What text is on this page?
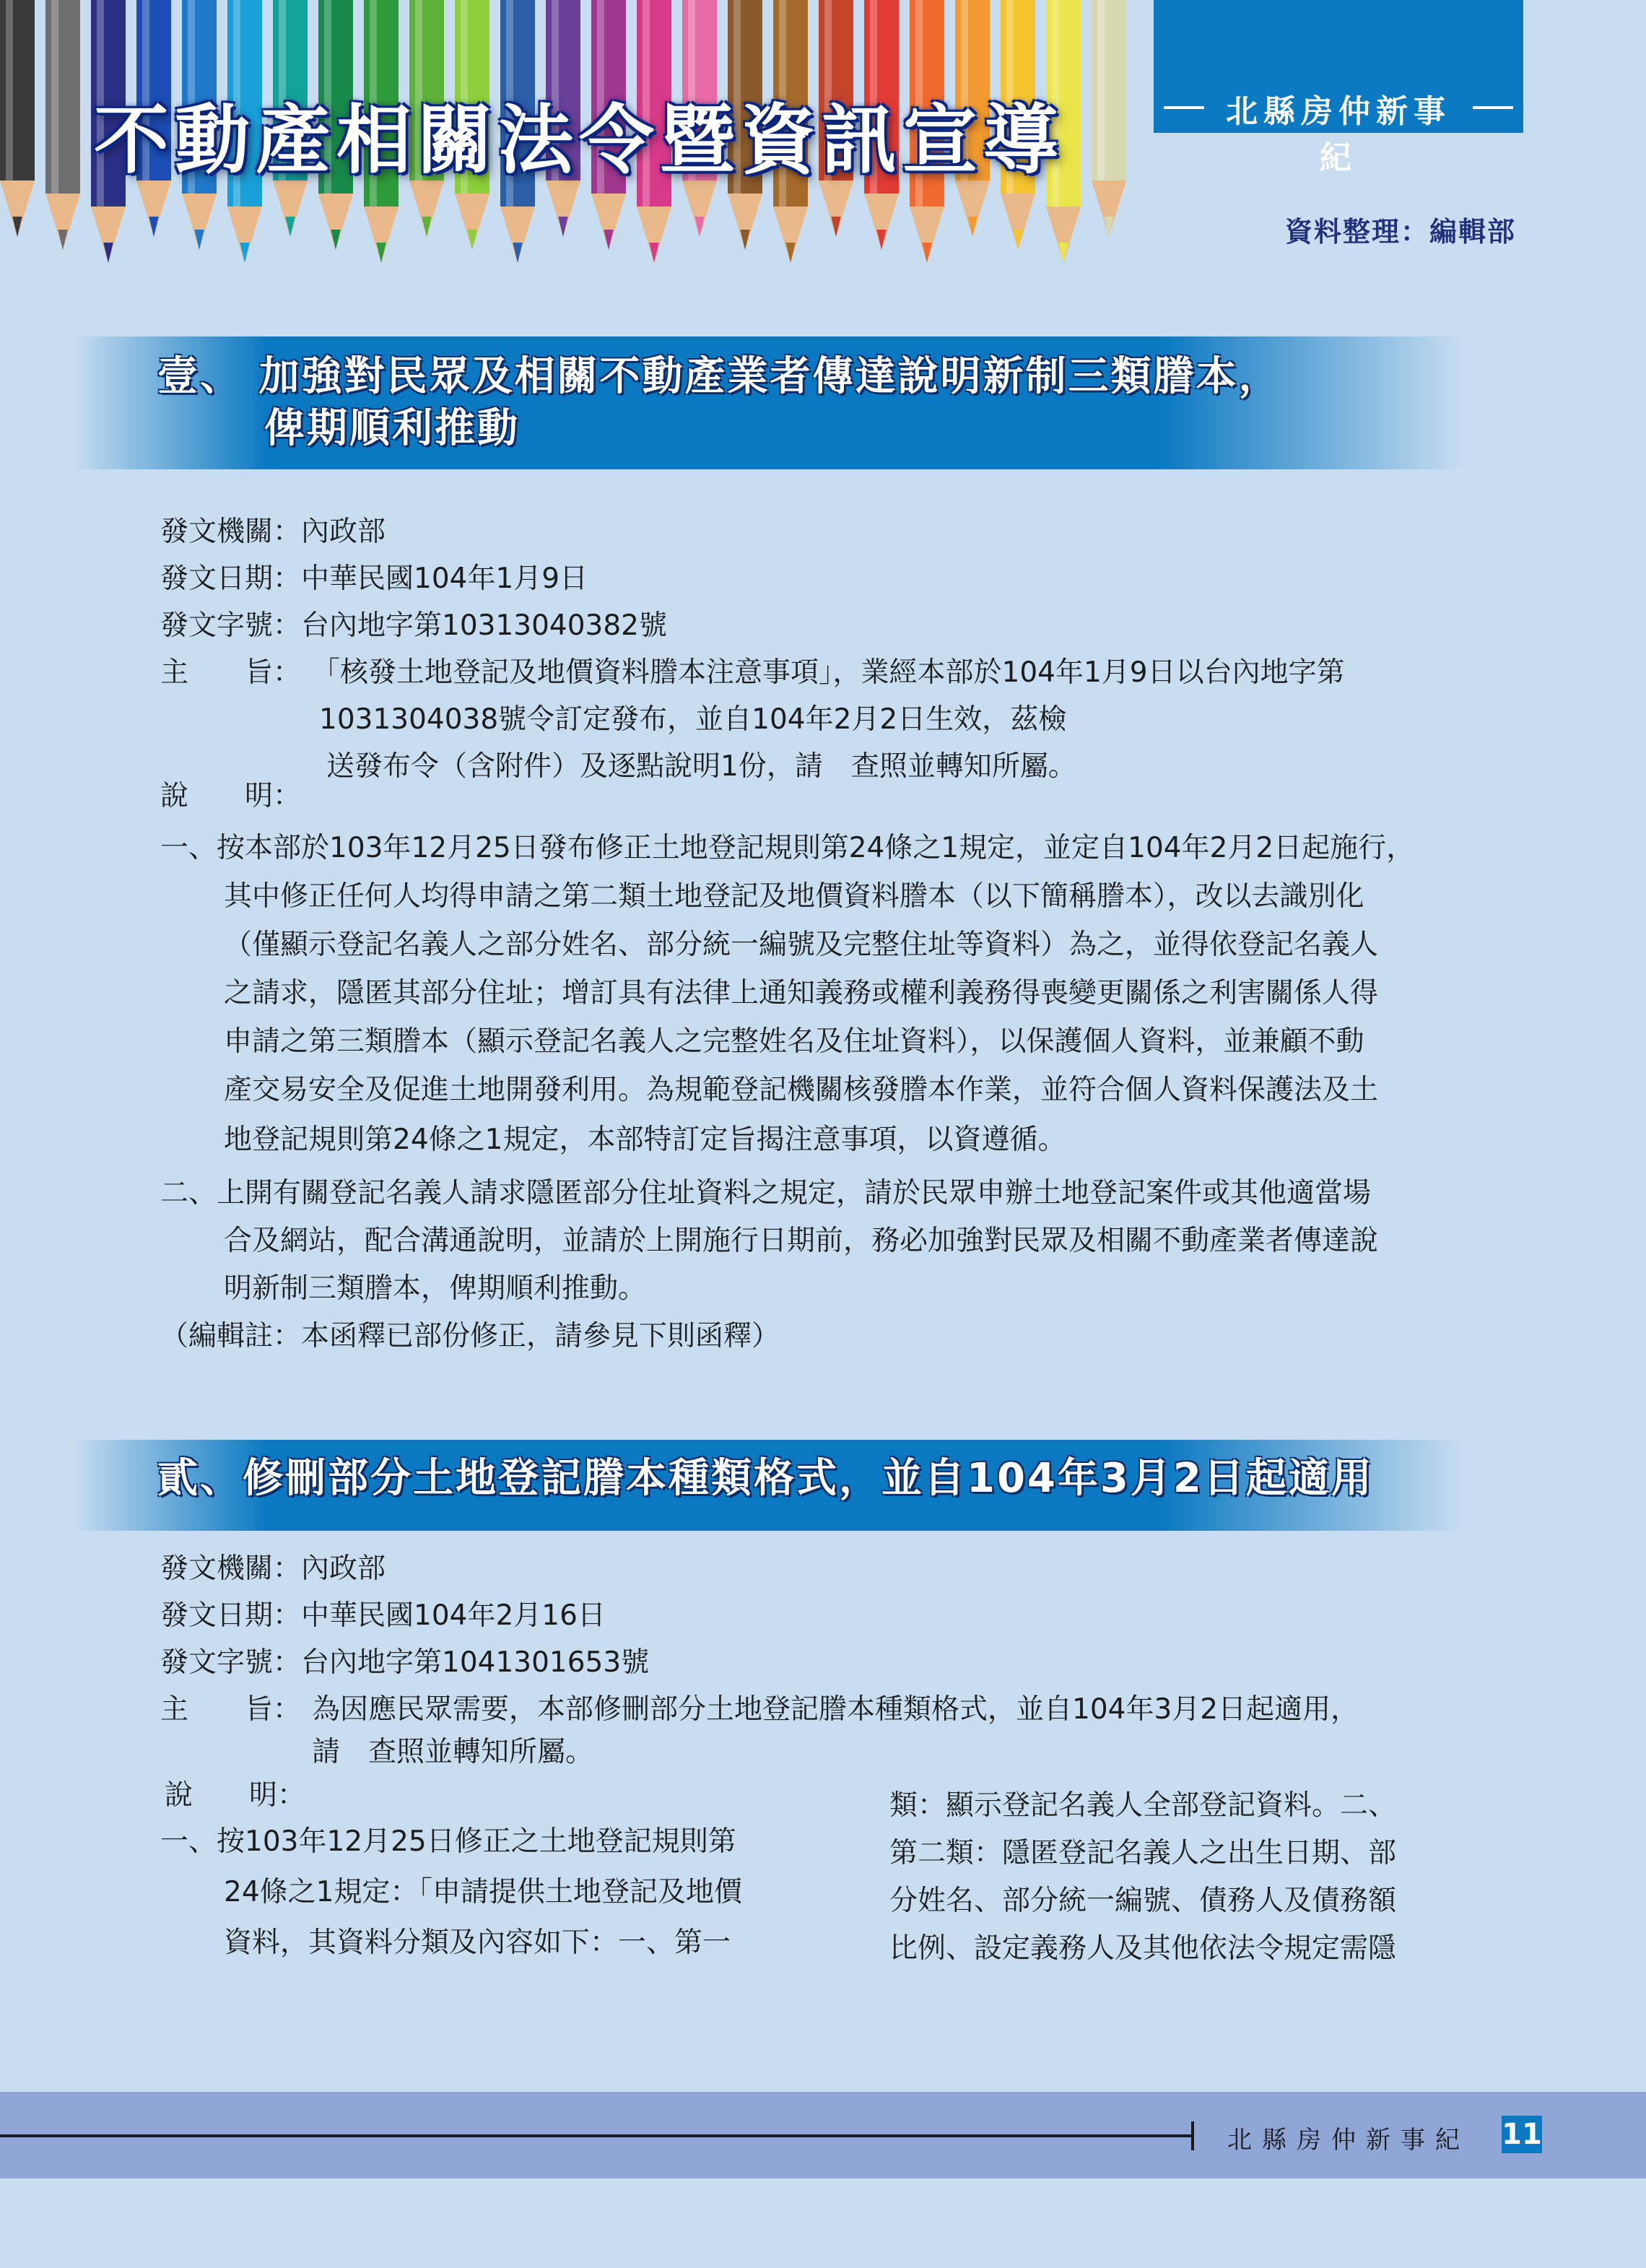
不動產相關法令暨資訊宣導	北縣房仲新事紀
資料整理：編輯部
壹、 加強對民眾及相關不動產業者傳達說明新制三類謄本，
俾期順利推動
發文機關：內政部
發文日期：中華民國104年1月9日
發文字號：台內地字第10313040382號
主　　旨： 「核發土地登記及地價資料謄本注意事項」，業經本部於104年1月9日以台內地字第
1031304038號令訂定發布，並自104年2月2日生效，茲檢
送發布令（含附件）及逐點說明1份，請　查照並轉知所屬。
說　　明：
一、按本部於103年12月25日發布修正土地登記規則第24條之1規定，並定自104年2月2日起施行，
其中修正任何人均得申請之第二類土地登記及地價資料謄本（以下簡稱謄本），改以去識別化
（僅顯示登記名義人之部分姓名、部分統一編號及完整住址等資料）為之，並得依登記名義人
之請求，隱匿其部分住址；增訂具有法律上通知義務或權利義務得喪變更關係之利害關係人得
申請之第三類謄本（顯示登記名義人之完整姓名及住址資料），以保護個人資料，並兼顧不動
產交易安全及促進土地開發利用。為規範登記機關核發謄本作業，並符合個人資料保護法及土
地登記規則第24條之1規定，本部特訂定旨揭注意事項，以資遵循。
二、上開有關登記名義人請求隱匿部分住址資料之規定，請於民眾申辦土地登記案件或其他適當場
合及網站，配合溝通說明，並請於上開施行日期前，務必加強對民眾及相關不動產業者傳達說
明新制三類謄本，俾期順利推動。
（編輯註：本函釋已部份修正，請參見下則函釋）
貳、修刪部分土地登記謄本種類格式，並自104年3月2日起適用
發文機關：內政部
發文日期：中華民國104年2月16日
發文字號：台內地字第1041301653號
主　　旨： 為因應民眾需要，本部修刪部分土地登記謄本種類格式，並自104年3月2日起適用，
請　查照並轉知所屬。
說　　明：
一、按103年12月25日修正之土地登記規則第
24條之1規定：「申請提供土地登記及地價
資料，其資料分類及內容如下：一、第一
類：顯示登記名義人全部登記資料。二、
第二類：隱匿登記名義人之出生日期、部
分姓名、部分統一編號、債務人及債務額
比例、設定義務人及其他依法令規定需隱
北縣房仲新事紀 11
